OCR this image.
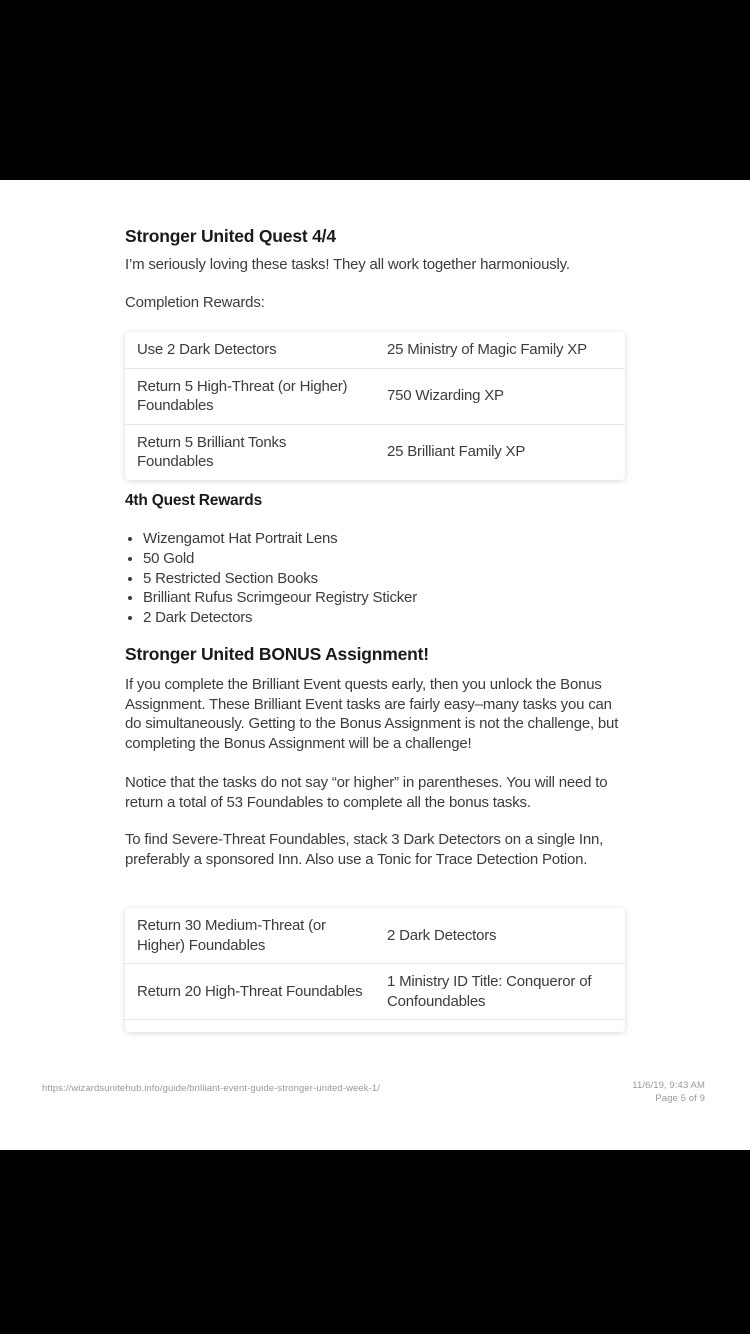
Stronger United Quest 4/4

I’m seriously loving these tasks! They all work together harmoniously.

Completion Rewards:

Use 2 Dark Detectors	25 Ministry of Magic Family XP
Return 5 High-Threat (or Higher) Foundables
750 Wizarding XP
Return 5 Brilliant Tonks Foundables
25 Brilliant Family XP
4th Quest Rewards
• Wizengamot Hat Portrait Lens
• 50 Gold
• 5 Restricted Section Books
• Brilliant Rufus Scrimgeour Registry Sticker
• 2 Dark Detectors
Stronger United BONUS Assignment!

If you complete the Brilliant Event quests early, then you unlock the Bonus Assignment. These Brilliant Event tasks are fairly easy–many tasks you can do simultaneously. Getting to the Bonus Assignment is not the challenge, but completing the Bonus Assignment will be a challenge!

Notice that the tasks do not say “or higher” in parentheses. You will need to return a total of 53 Foundables to complete all the bonus tasks.

To find Severe-Threat Foundables, stack 3 Dark Detectors on a single Inn, preferably a sponsored Inn. Also use a Tonic for Trace Detection Potion.

Return 30 Medium-Threat (or Higher) Foundables
2 Dark Detectors
Return 20 High-Threat Foundables
1 Ministry ID Title: Conqueror of Confoundables
https://wizardsunitehub.info/guide/brilliant-event-guide-stronger-united-week-1/	11/6/19, 9:43 AM
Page 5 of 9
